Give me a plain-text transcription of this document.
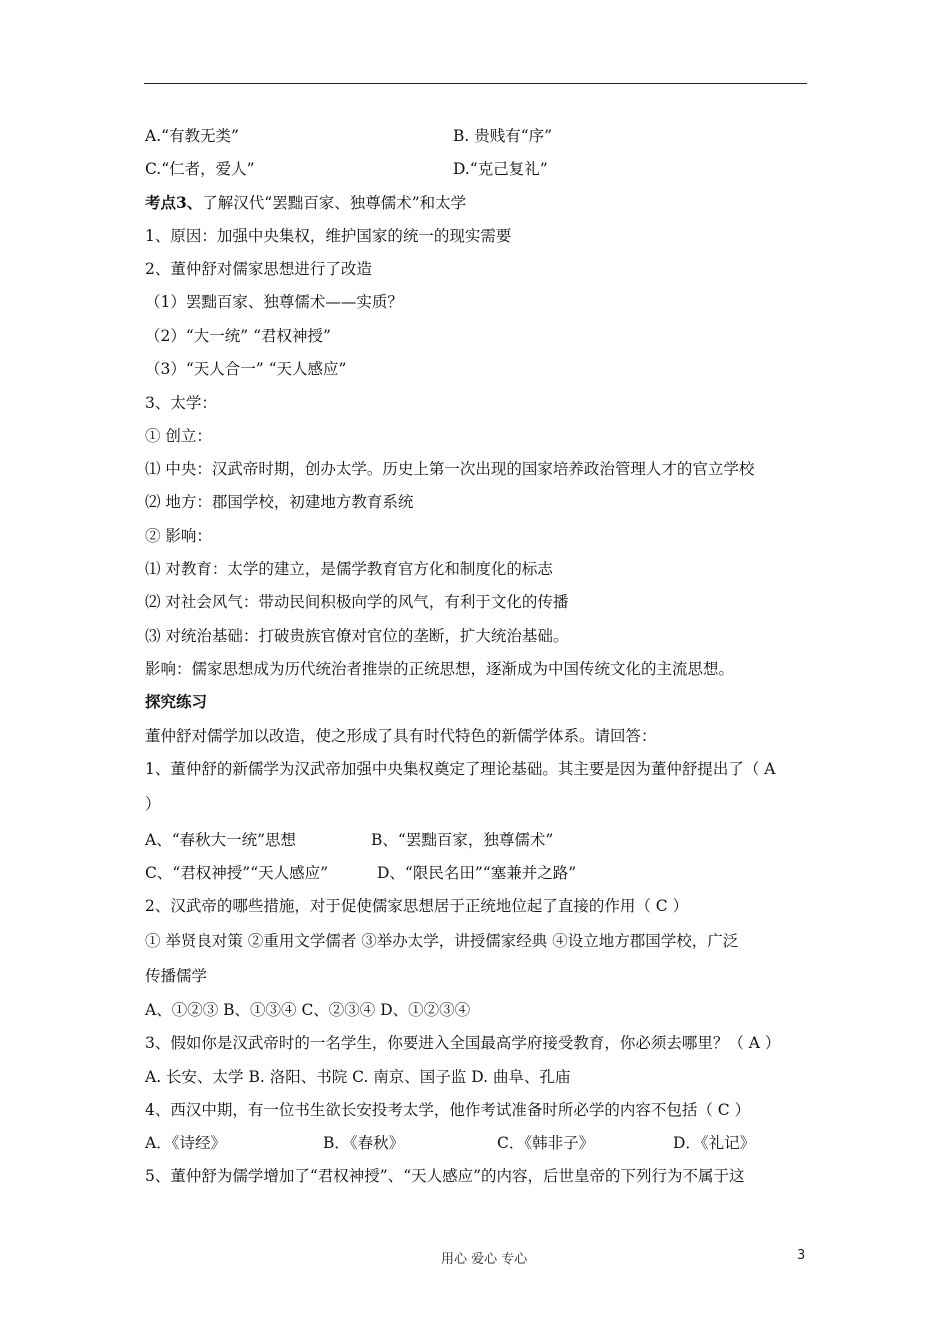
A.“有教无类”	B. 贵贱有“序”
C.“仁者，爱人”	D.“克己复礼”
考点3、了解汉代“罢黜百家、独尊儒术”和太学
1、原因：加强中央集权，维护国家的统一的现实需要
2、董仲舒对儒家思想进行了改造
（1）罢黜百家、独尊儒术——实质？
（2）“大一统” “君权神授”
（3）“天人合一” “天人感应”
3、太学：
① 创立：
⑴ 中央：汉武帝时期，创办太学。历史上第一次出现的国家培养政治管理人才的官立学校
⑵ 地方：郡国学校，初建地方教育系统
② 影响：
⑴ 对教育：太学的建立，是儒学教育官方化和制度化的标志
⑵ 对社会风气：带动民间积极向学的风气，有利于文化的传播
⑶ 对统治基础：打破贵族官僚对官位的垄断，扩大统治基础。
影响：儒家思想成为历代统治者推崇的正统思想，逐渐成为中国传统文化的主流思想。
探究练习
董仲舒对儒学加以改造，使之形成了具有时代特色的新儒学体系。请回答：
1、董仲舒的新儒学为汉武帝加强中央集权奠定了理论基础。其主要是因为董仲舒提出了（ A
）
A、“春秋大一统”思想	B、“罢黜百家，独尊儒术”
C、“君权神授”“天人感应”	D、“限民名田”“塞兼并之路”
2、汉武帝的哪些措施，对于促使儒家思想居于正统地位起了直接的作用（ C ）
① 举贤良对策 ②重用文学儒者 ③举办太学，讲授儒家经典 ④设立地方郡国学校，广泛
传播儒学
A、①②③ B、①③④ C、②③④ D、①②③④
3、假如你是汉武帝时的一名学生，你要进入全国最高学府接受教育，你必须去哪里？（ A ）
A. 长安、太学 B. 洛阳、书院 C. 南京、国子监 D. 曲阜、孔庙
4、西汉中期，有一位书生欲长安投考太学，他作考试准备时所必学的内容不包括（ C ）
A．《诗经》	B．《春秋》	C．《韩非子》	D．《礼记》
5、董仲舒为儒学增加了“君权神授”、“天人感应”的内容，后世皇帝的下列行为不属于这
用心 爱心 专心	3
